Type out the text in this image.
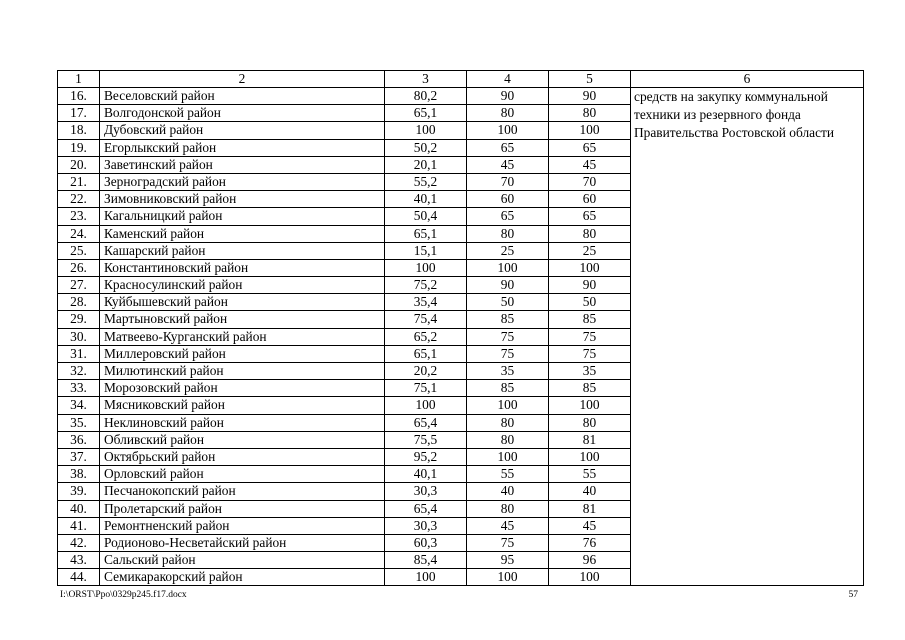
1	2	3	4	5	6
16.	Веселовский район	80,2	90	90	средств на закупку коммунальной техники из резервного фонда Правительства Ростовской области
17.	Волгодонской район	65,1	80	80	
18.	Дубовский район	100	100	100	
19.	Егорлыкский район	50,2	65	65	
20.	Заветинский район	20,1	45	45	
21.	Зерноградский район	55,2	70	70	
22.	Зимовниковский район	40,1	60	60	
23.	Кагальницкий район	50,4	65	65	
24.	Каменский район	65,1	80	80	
25.	Кашарский район	15,1	25	25	
26.	Константиновский район	100	100	100	
27.	Красносулинский район	75,2	90	90	
28.	Куйбышевский район	35,4	50	50	
29.	Мартыновский район	75,4	85	85	
30.	Матвеево-Курганский район	65,2	75	75	
31.	Миллеровский район	65,1	75	75	
32.	Милютинский район	20,2	35	35	
33.	Морозовский район	75,1	85	85	
34.	Мясниковский район	100	100	100	
35.	Неклиновский район	65,4	80	80	
36.	Обливский район	75,5	80	81	
37.	Октябрьский район	95,2	100	100	
38.	Орловский район	40,1	55	55	
39.	Песчанокопский район	30,3	40	40	
40.	Пролетарский район	65,4	80	81	
41.	Ремонтненский район	30,3	45	45	
42.	Родионово-Несветайский район	60,3	75	76	
43.	Сальский район	85,4	95	96	
44.	Семикаракорский район	100	100	100	
I:\ORST\Ppo\0329p245.f17.docx	57
